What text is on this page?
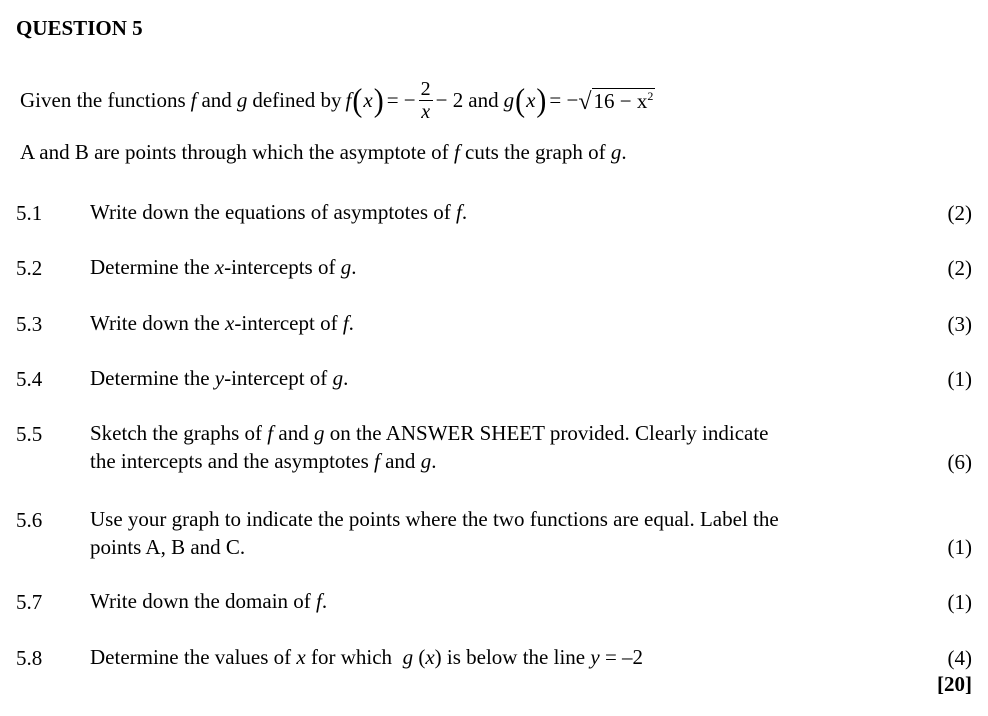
QUESTION 5
Given the functions f and g defined by f ( x ) = − $\frac{2}{x} - 2$ and g ( x ) = − √ $16 - x^2$
A and B are points through which the asymptote of f cuts the graph of g.
5.1 Write down the equations of asymptotes of f.	(2)
5.2 Determine the x-intercepts of g.	(2)
5.3 Write down the x-intercept of f.	(3)
5.4 Determine the y-intercept of g.	(1)
5.5 Sketch the graphs of f and g on the ANSWER SHEET provided. Clearly indicate
the intercepts and the asymptotes f and g.	(6)
5.6 Use your graph to indicate the points where the two functions are equal. Label the
points A, B and C.	(1)
5.7 Write down the domain of f.	(1)
5.8 Determine the values of x for which g (x) is below the line y = –2	(4)
[20]
